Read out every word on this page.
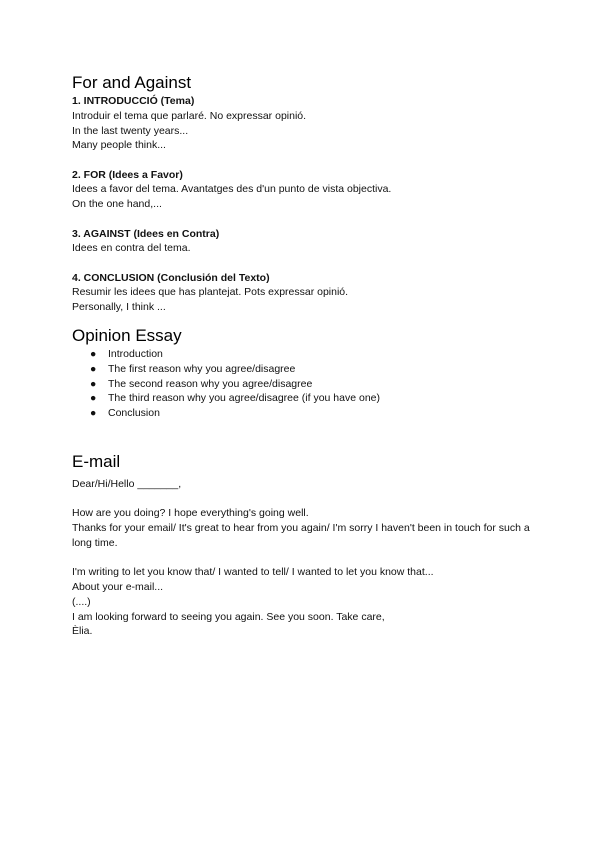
For and Against

1. INTRODUCCIÓ (Tema)

Introduir el tema que parlaré. No expressar opinió.

In the last twenty years...

Many people think...

2. FOR (Idees a Favor)

Idees a favor del tema. Avantatges des d'un punto de vista objectiva.

On the one hand,...

3. AGAINST (Idees en Contra)

Idees en contra del tema.

4. CONCLUSION (Conclusión del Texto)

Resumir les idees que has plantejat. Pots expressar opinió.

Personally, I think ...

Opinion Essay
● Introduction
● The first reason why you agree/disagree
● The second reason why you agree/disagree
● The third reason why you agree/disagree (if you have one)
● Conclusion
E-mail

Dear/Hi/Hello _______,

How are you doing? I hope everything's going well.

Thanks for your email/ It's great to hear from you again/ I'm sorry I haven't been in touch for such a long time.

I'm writing to let you know that/ I wanted to tell/ I wanted to let you know that...

About your e-mail...

(....)

I am looking forward to seeing you again. See you soon. Take care,

Èlia.
